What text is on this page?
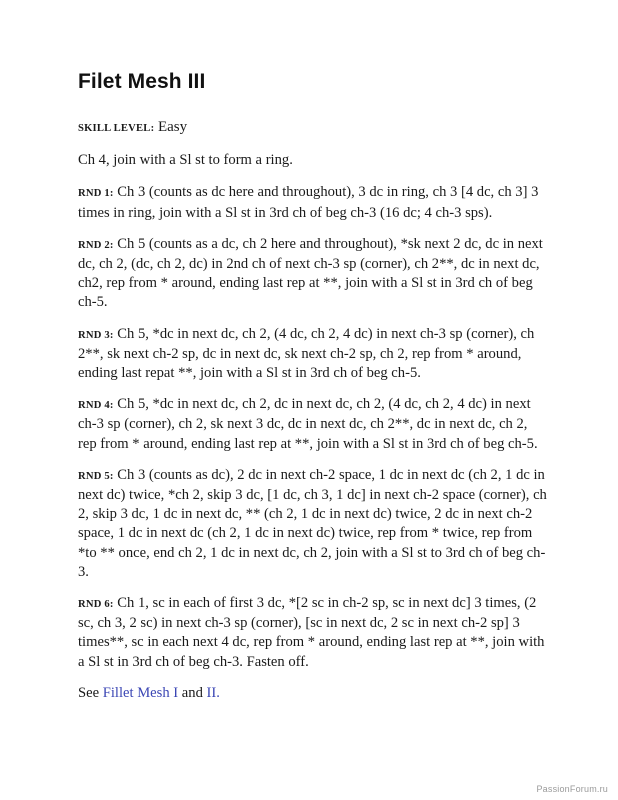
Filet Mesh III

SKILL LEVEL: Easy

Ch 4, join with a Sl st to form a ring.

RND 1: Ch 3 (counts as dc here and throughout), 3 dc in ring, ch 3 [4 dc, ch 3] 3 times in ring, join with a Sl st in 3rd ch of beg ch-3 (16 dc; 4 ch-3 sps).

RND 2: Ch 5 (counts as a dc, ch 2 here and throughout), *sk next 2 dc, dc in next dc, ch 2, (dc, ch 2, dc) in 2nd ch of next ch-3 sp (corner), ch 2**, dc in next dc, ch2, rep from * around, ending last rep at **, join with a Sl st in 3rd ch of beg ch-5.

RND 3: Ch 5, *dc in next dc, ch 2, (4 dc, ch 2, 4 dc) in next ch-3 sp (corner), ch 2**, sk next ch-2 sp, dc in next dc, sk next ch-2 sp, ch 2, rep from * around, ending last repat **, join with a Sl st in 3rd ch of beg ch-5.

RND 4: Ch 5, *dc in next dc, ch 2, dc in next dc, ch 2, (4 dc, ch 2, 4 dc) in next ch-3 sp (corner), ch 2, sk next 3 dc, dc in next dc, ch 2**, dc in next dc, ch 2, rep from * around, ending last rep at **, join with a Sl st in 3rd ch of beg ch-5.

RND 5: Ch 3 (counts as dc), 2 dc in next ch-2 space, 1 dc in next dc (ch 2, 1 dc in next dc) twice, *ch 2, skip 3 dc, [1 dc, ch 3, 1 dc] in next ch-2 space (corner), ch 2, skip 3 dc, 1 dc in next dc, ** (ch 2, 1 dc in next dc) twice, 2 dc in next ch-2 space, 1 dc in next dc (ch 2, 1 dc in next dc) twice, rep from * twice, rep from *to ** once, end ch 2, 1 dc in next dc, ch 2, join with a Sl st to 3rd ch of beg ch-3.

RND 6: Ch 1, sc in each of first 3 dc, *[2 sc in ch-2 sp, sc in next dc] 3 times, (2 sc, ch 3, 2 sc) in next ch-3 sp (corner), [sc in next dc, 2 sc in next ch-2 sp] 3 times**, sc in each next 4 dc, rep from * around, ending last rep at **, join with a Sl st in 3rd ch of beg ch-3. Fasten off.

See Fillet Mesh I and II.

PassionForum.ru
